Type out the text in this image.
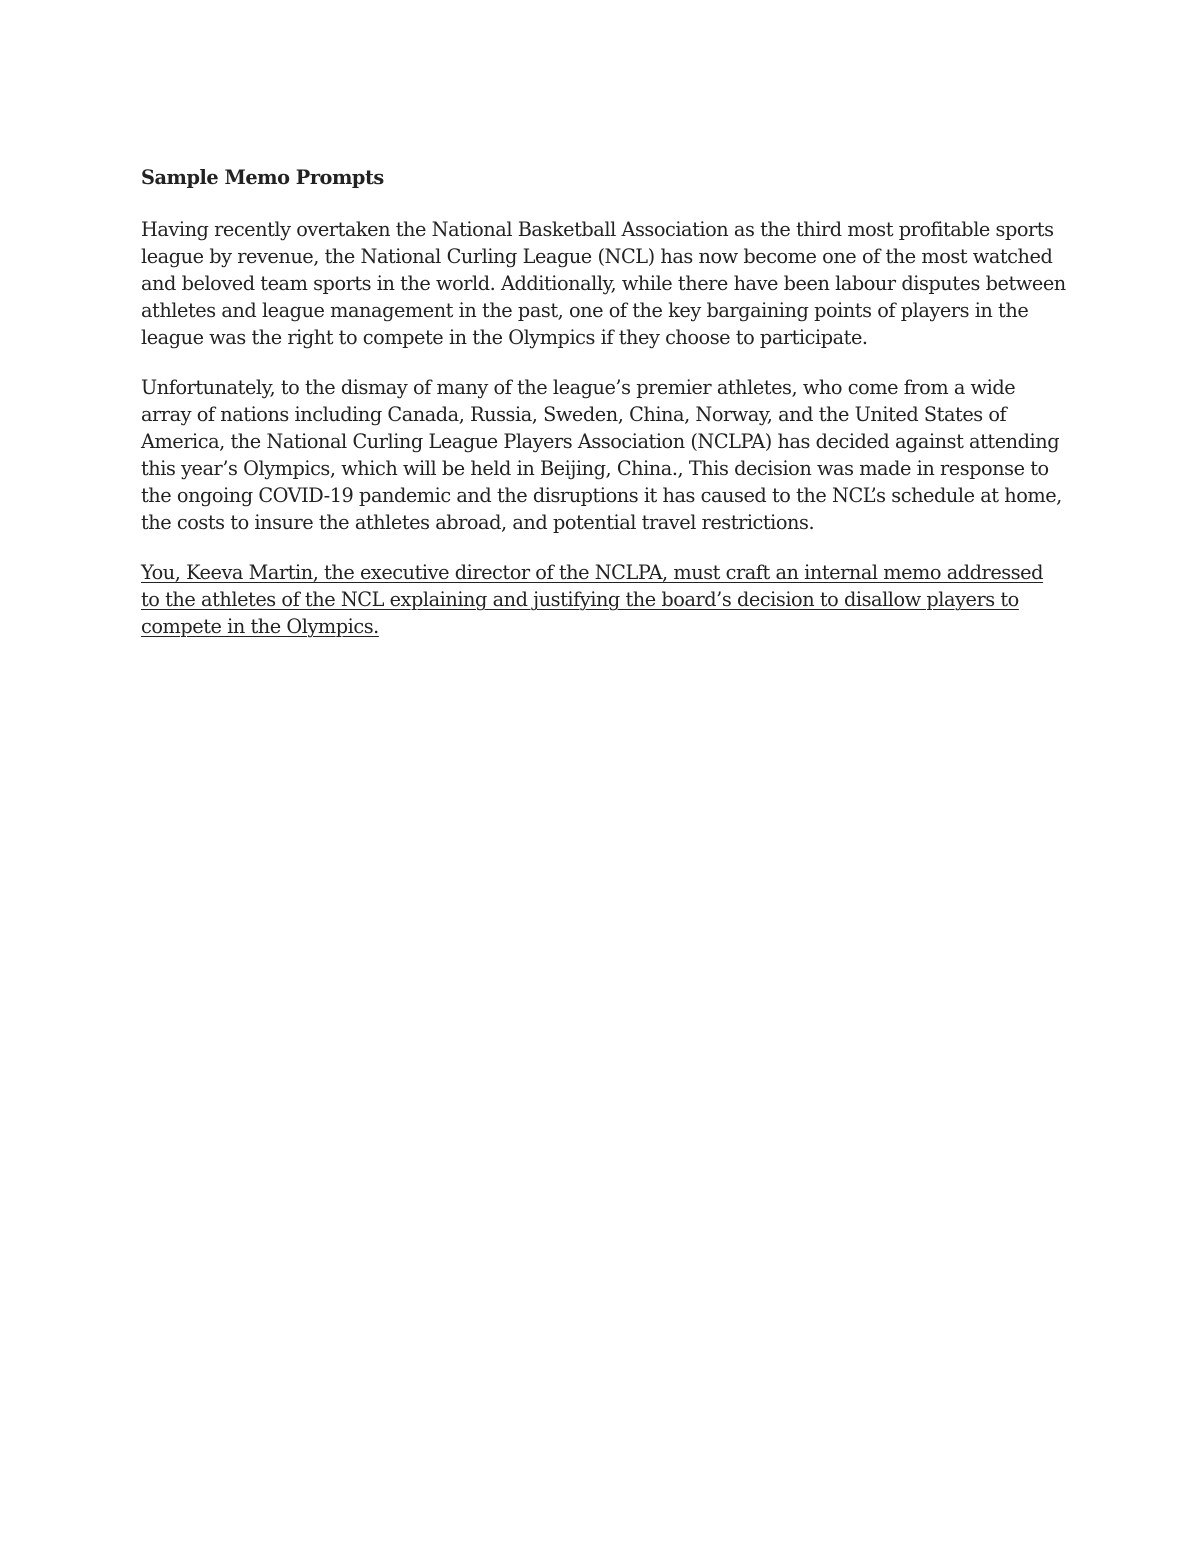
Sample Memo Prompts

Having recently overtaken the National Basketball Association as the third most profitable sports league by revenue, the National Curling League (NCL) has now become one of the most watched and beloved team sports in the world. Additionally, while there have been labour disputes between athletes and league management in the past, one of the key bargaining points of players in the league was the right to compete in the Olympics if they choose to participate.

Unfortunately, to the dismay of many of the league’s premier athletes, who come from a wide array of nations including Canada, Russia, Sweden, China, Norway, and the United States of America, the National Curling League Players Association (NCLPA) has decided against attending this year’s Olympics, which will be held in Beijing, China., This decision was made in response to the ongoing COVID-19 pandemic and the disruptions it has caused to the NCL’s schedule at home, the costs to insure the athletes abroad, and potential travel restrictions.

You, Keeva Martin, the executive director of the NCLPA, must craft an internal memo addressed to the athletes of the NCL explaining and justifying the board’s decision to disallow players to compete in the Olympics.
